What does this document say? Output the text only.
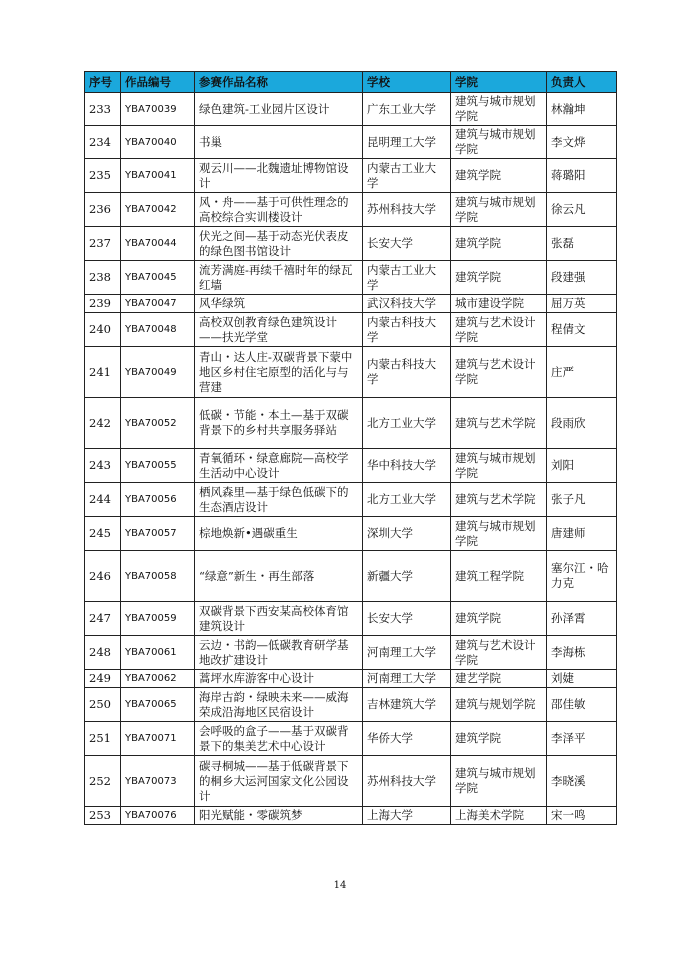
序号	作品编号	参赛作品名称	学校	学院	负责人
233	YBA70039	绿色建筑-工业园片区设计	广东工业大学	建筑与城市规划学院	林瀚坤
234	YBA70040	书巢	昆明理工大学	建筑与城市规划学院	李文烨
235	YBA70041	观云川——北魏遗址博物馆设计	内蒙古工业大学	建筑学院	蒋璐阳
236	YBA70042	风・舟——基于可供性理念的高校综合实训楼设计	苏州科技大学	建筑与城市规划学院	徐云凡
237	YBA70044	伏光之间—基于动态光伏表皮的绿色图书馆设计	长安大学	建筑学院	张磊
238	YBA70045	流芳满庭-再续千禧时年的绿瓦红墙	内蒙古工业大学	建筑学院	段建强
239	YBA70047	风华绿筑	武汉科技大学	城市建设学院	屈万英
240	YBA70048	高校双创教育绿色建筑设计——扶光学堂	内蒙古科技大学	建筑与艺术设计学院	程倩文
241	YBA70049	青山・达人庄-双碳背景下蒙中地区乡村住宅原型的活化与与营建	内蒙古科技大学	建筑与艺术设计学院	庄严
242	YBA70052	低碳・节能・本土—基于双碳背景下的乡村共享服务驿站	北方工业大学	建筑与艺术学院	段雨欣
243	YBA70055	青氧循环・绿意廊院—高校学生活动中心设计	华中科技大学	建筑与城市规划学院	刘阳
244	YBA70056	栖风森里—基于绿色低碳下的生态酒店设计	北方工业大学	建筑与艺术学院	张子凡
245	YBA70057	棕地焕新•遇碳重生	深圳大学	建筑与城市规划学院	唐建师
246	YBA70058	“绿意”新生・再生部落	新疆大学	建筑工程学院	塞尔江・哈力克
247	YBA70059	双碳背景下西安某高校体育馆建筑设计	长安大学	建筑学院	孙泽霄
248	YBA70061	云边・书韵—低碳教育研学基地改扩建设计	河南理工大学	建筑与艺术设计学院	李海栋
249	YBA70062	蒿坪水库游客中心设计	河南理工大学	建艺学院	刘婕
250	YBA70065	海岸古韵・绿映未来——威海荣成沿海地区民宿设计	吉林建筑大学	建筑与规划学院	邵佳敏
251	YBA70071	会呼吸的盒子——基于双碳背景下的集美艺术中心设计	华侨大学	建筑学院	李泽平
252	YBA70073	碳寻桐城——基于低碳背景下的桐乡大运河国家文化公园设计	苏州科技大学	建筑与城市规划学院	李晓溪
253	YBA70076	阳光赋能・零碳筑梦	上海大学	上海美术学院	宋一鸣
14
